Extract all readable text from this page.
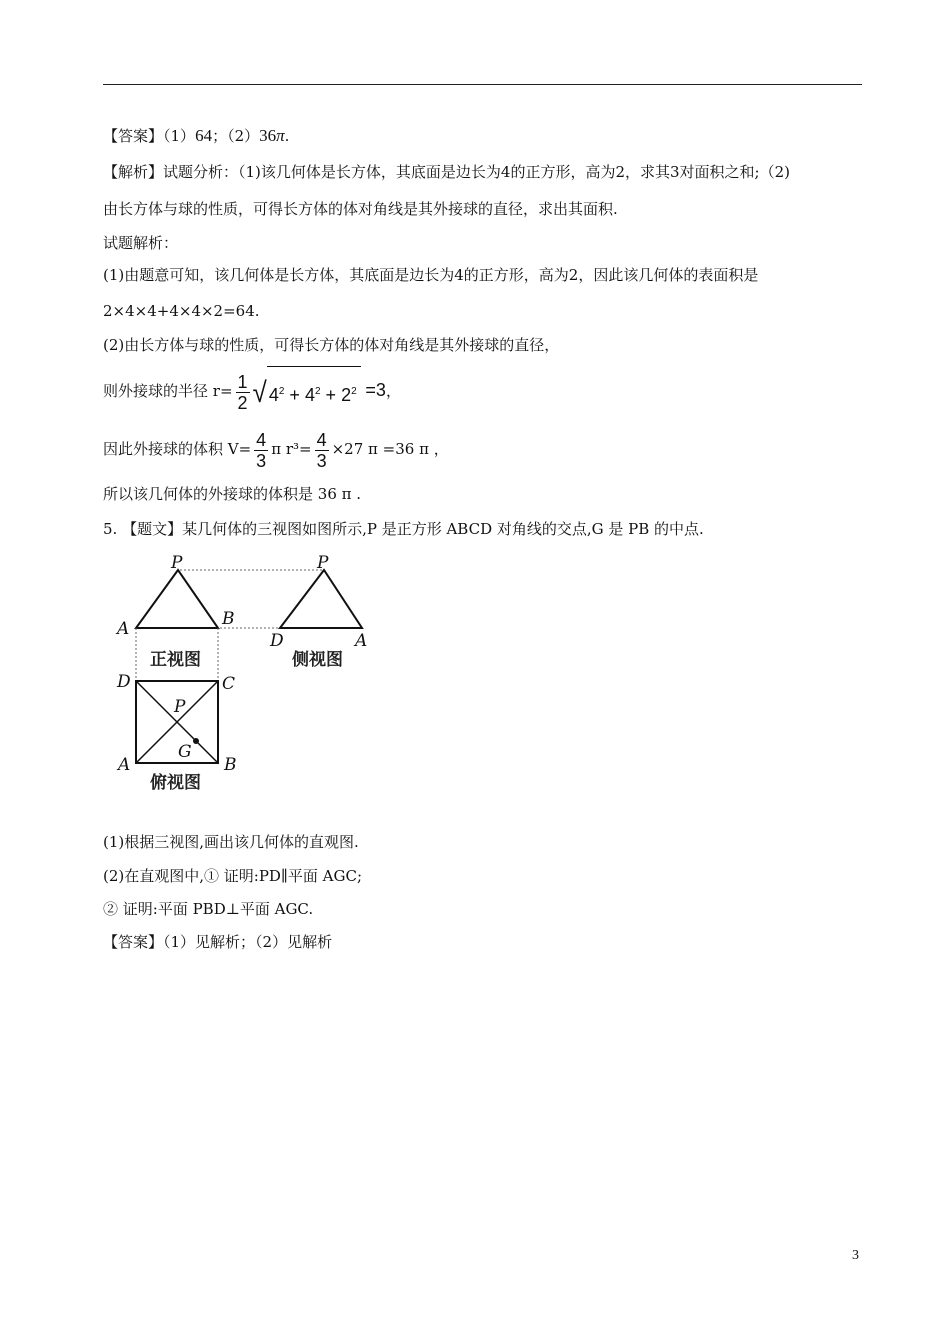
【答案】（1）64；（2）36π.
【解析】试题分析：（1)该几何体是长方体，其底面是边长为4的正方形，高为2，求其3对面积之和;（2)
由长方体与球的性质，可得长方体的体对角线是其外接球的直径，求出其面积.
试题解析：
(1)由题意可知，该几何体是长方体，其底面是边长为4的正方形，高为2，因此该几何体的表面积是
2×4×4+4×4×2=64.
(2)由长方体与球的性质，可得长方体的体对角线是其外接球的直径，
则外接球的半径 $r= \frac{1}{2}$ √ $4^2 + 4^2 + 2^2 =3$，
因此外接球的体积 $V= \frac{4}{3}$ π $r^3= \frac{4}{3} \times 27$ π =36 π ，
所以该几何体的外接球的体积是 36 π .
5. 【题文】某几何体的三视图如图所示,P 是正方形 ABCD 对角线的交点,G 是 PB 的中点.
P	P
A	B
D	A
D	C
P
G
A	B
正视图	侧视图
俯视图
(1)根据三视图,画出该几何体的直观图.
(2)在直观图中,① 证明:PD∥平面 AGC;
② 证明:平面 PBD⊥平面 AGC.
【答案】（1）见解析；（2）见解析
3
